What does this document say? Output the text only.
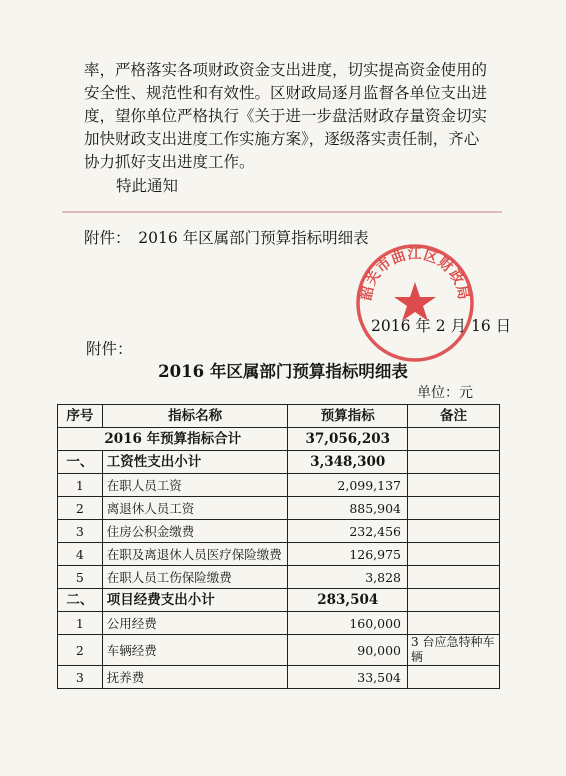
率，严格落实各项财政资金支出进度，切实提高资金使用的
安全性、规范性和有效性。区财政局逐月监督各单位支出进
度，望你单位严格执行《关于进一步盘活财政存量资金切实
加快财政支出进度工作实施方案》，逐级落实责任制，齐心
协力抓好支出进度工作。
特此通知
附件：　2016 年区属部门预算指标明细表
韶关市曲江区财政局
2016 年 2 月 16 日
附件：
2016 年区属部门预算指标明细表
单位：元
序号	指标名称	预算指标	备注
2016 年预算指标合计		37,056,203	
一、	工资性支出小计	3,348,300	
1	在职人员工资	2,099,137	
2	离退休人员工资	885,904	
3	住房公积金缴费	232,456	
4	在职及离退休人员医疗保险缴费	126,975	
5	在职人员工伤保险缴费	3,828	
二、	项目经费支出小计	283,504	
1	公用经费	160,000	
2	车辆经费	90,000	3 台应急特种车辆
3	抚养费	33,504	
